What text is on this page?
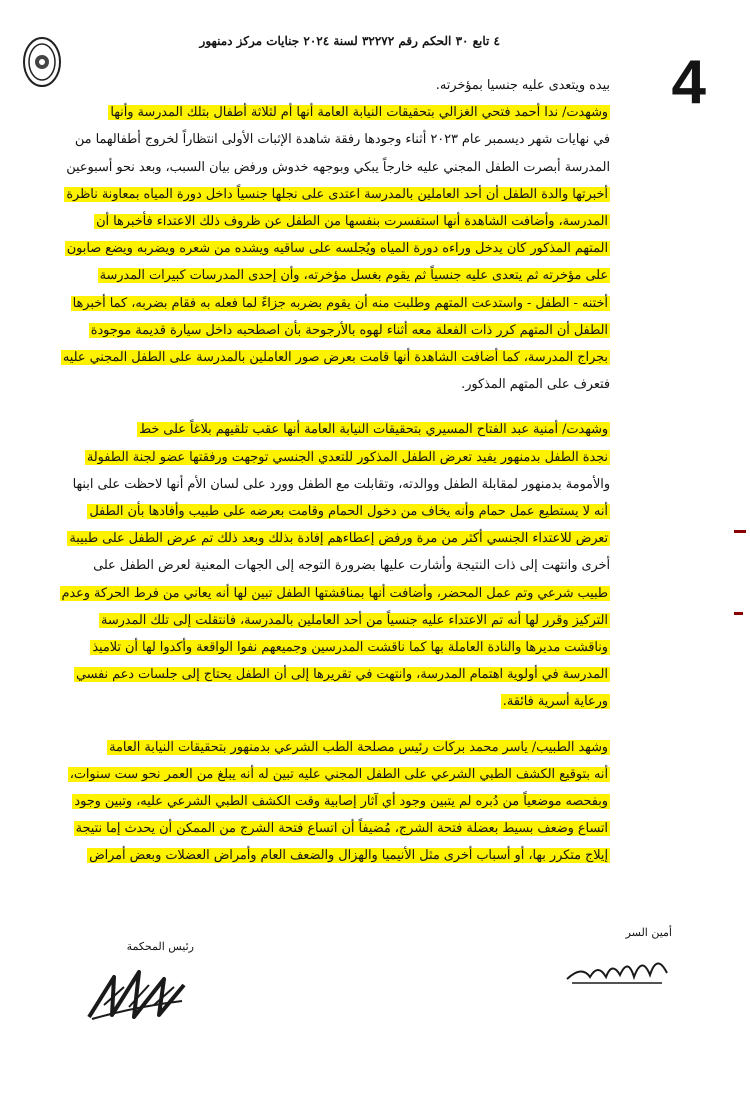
٤ تابع ٣٠ الحكم رقم ٣٢٢٧٢ لسنة ٢٠٢٤ جنايات مركز دمنهور
4
بيده ويتعدى عليه جنسيا بمؤخرته.
وشهدت/ ندا أحمد فتحي الغزالي بتحقيقات النيابة العامة أنها أم لثلاثة أطفال بتلك المدرسة وأنها
في نهايات شهر ديسمبر عام ٢٠٢٣ أثناء وجودها رفقة شاهدة الإثبات الأولى انتظاراً لخروج أطفالهما من
المدرسة أبصرت الطفل المجني عليه خارجاً يبكي وبوجهه خدوش ورفض بيان السبب، وبعد نحو أسبوعين
أخبرتها والدة الطفل أن أحد العاملين بالمدرسة اعتدى على نجلها جنسياً داخل دورة المياه بمعاونة ناظرة
المدرسة، وأضافت الشاهدة أنها استفسرت بنفسها من الطفل عن ظروف ذلك الاعتداء فأخبرها أن
المتهم المذكور كان يدخل وراءه دورة المياه ويُجلسه على ساقيه ويشده من شعره ويضربه ويضع صابون
على مؤخرته ثم يتعدى عليه جنسياً ثم يقوم بغسل مؤخرته، وأن إحدى المدرسات كبيرات المدرسة
أختنه - الطفل - واستدعت المتهم وطلبت منه أن يقوم بضربه جزاءً لما فعله به فقام بضربه، كما أخبرها
الطفل أن المتهم كرر ذات الفعلة معه أثناء لهوه بالأرجوحة بأن اصطحبه داخل سيارة قديمة موجودة
بجراج المدرسة، كما أضافت الشاهدة أنها قامت بعرض صور العاملين بالمدرسة على الطفل المجني عليه
فتعرف على المتهم المذكور.
وشهدت/ أمنية عبد الفتاح المسيري بتحقيقات النيابة العامة أنها عقب تلقيهم بلاغاً على خط
نجدة الطفل بدمنهور يفيد تعرض الطفل المذكور للتعدي الجنسي توجهت ورفقتها عضو لجنة الطفولة
والأمومة بدمنهور لمقابلة الطفل ووالدته، وتقابلت مع الطفل وورد على لسان الأم أنها لاحظت على ابنها
أنه لا يستطيع عمل حمام وأنه يخاف من دخول الحمام وقامت بعرضه على طبيب وأفادها بأن الطفل
تعرض للاعتداء الجنسي أكثر من مرة ورفض إعطاءهم إفادة بذلك وبعد ذلك تم عرض الطفل على طبيبة
أخرى وانتهت إلى ذات النتيجة وأشارت عليها بضرورة التوجه إلى الجهات المعنية لعرض الطفل على
طبيب شرعي وتم عمل المحضر، وأضافت أنها بمناقشتها الطفل تبين لها أنه يعاني من فرط الحركة وعدم
التركيز وقرر لها أنه تم الاعتداء عليه جنسياً من أحد العاملين بالمدرسة، فانتقلت إلى تلك المدرسة
وناقشت مديرها والنادة العاملة بها كما ناقشت المدرسين وجميعهم نفوا الواقعة وأكدوا لها أن تلاميذ
المدرسة في أولوية اهتمام المدرسة، وانتهت في تقريرها إلى أن الطفل يحتاج إلى جلسات دعم نفسي
ورعاية أسرية فائقة.
وشهد الطبيب/ ياسر محمد بركات رئيس مصلحة الطب الشرعي بدمنهور بتحقيقات النيابة العامة
أنه بتوقيع الكشف الطبي الشرعي على الطفل المجني عليه تبين له أنه يبلغ من العمر نحو ست سنوات،
وبفحصه موضعياً من دُبره لم يتبين وجود أي آثار إصابية وقت الكشف الطبي الشرعي عليه، وتبين وجود
اتساع وضعف بسيط بعضلة فتحة الشرج، مُضيفاً أن اتساع فتحة الشرج من الممكن أن يحدث إما نتيجة
إيلاج متكرر بها، أو أسباب أخرى مثل الأنيميا والهزال والضعف العام وأمراض العضلات وبعض أمراض
رئيس المحكمة
أمين السر
